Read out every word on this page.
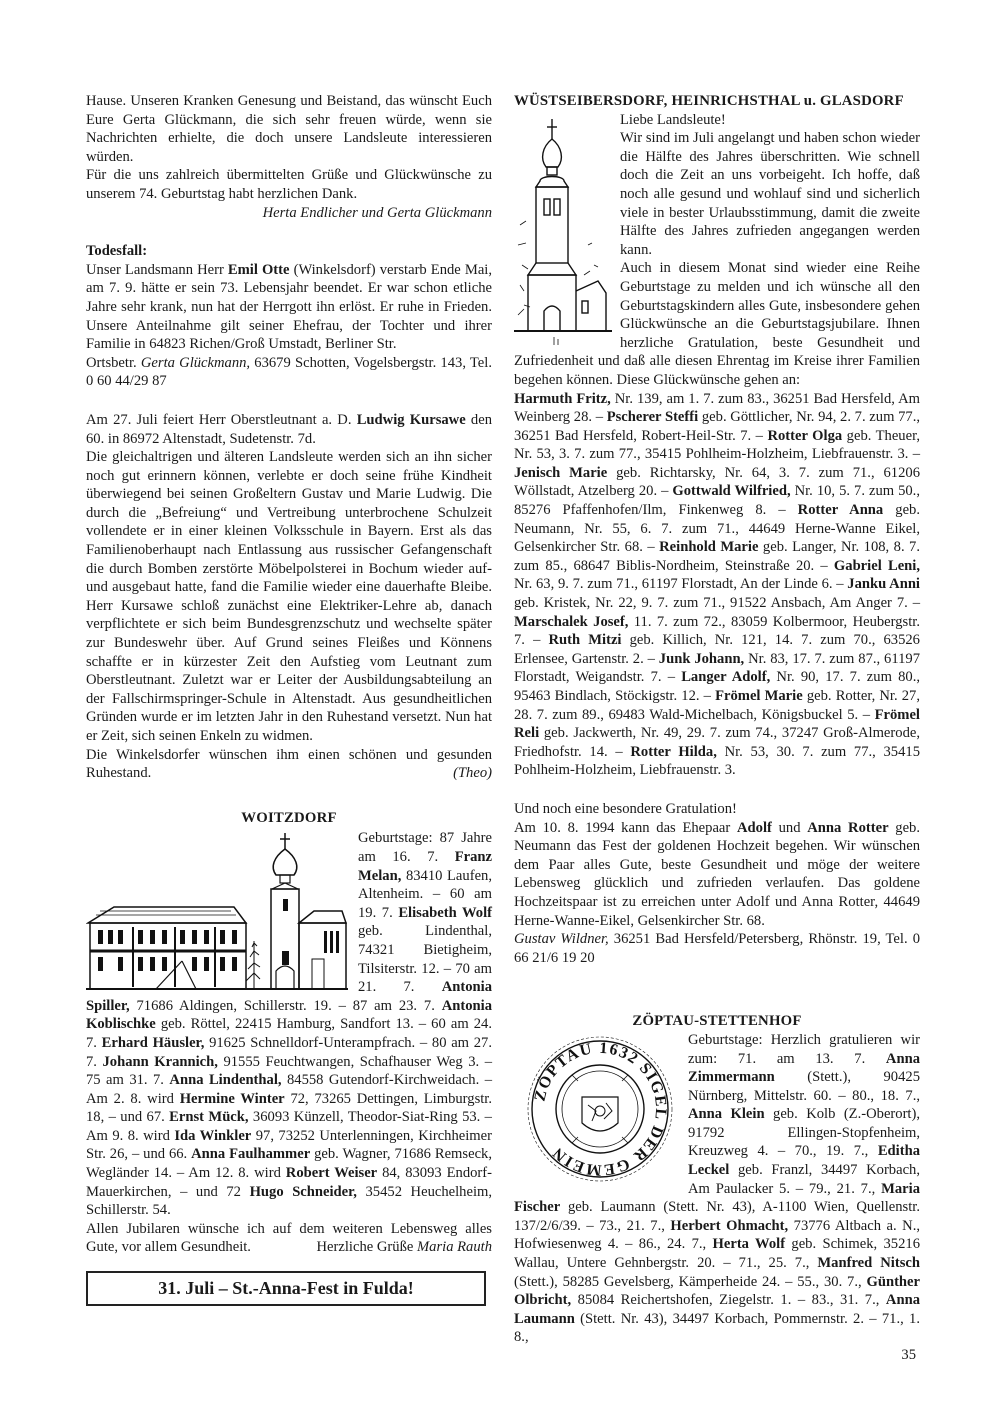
Hause. Unseren Kranken Genesung und Beistand, das wünscht Euch Eure Gerta Glückmann, die sich sehr freuen würde, wenn sie Nachrichten erhielte, die doch unsere Landsleute interessieren würden.

Für die uns zahlreich übermittelten Grüße und Glückwünsche zu unserem 74. Geburtstag habt herzlichen Dank.

Herta Endlicher und Gerta Glückmann

Todesfall:

Unser Landsmann Herr Emil Otte (Winkelsdorf) verstarb Ende Mai, am 7. 9. hätte er sein 73. Lebensjahr beendet. Er war schon etliche Jahre sehr krank, nun hat der Herrgott ihn erlöst. Er ruhe in Frieden. Unsere Anteilnahme gilt seiner Ehefrau, der Tochter und ihrer Familie in 64823 Richen/Groß Umstadt, Berliner Str.

Ortsbetr. Gerta Glückmann, 63679 Schotten, Vogelsbergstr. 143, Tel. 0 60 44/29 87

Am 27. Juli feiert Herr Oberstleutnant a. D. Ludwig Kursawe den 60. in 86972 Altenstadt, Sudetenstr. 7d.

Die gleichaltrigen und älteren Landsleute werden sich an ihn sicher noch gut erinnern können, verlebte er doch seine frühe Kindheit überwiegend bei seinen Großeltern Gustav und Marie Ludwig. Die durch die „Befreiung“ und Vertreibung unterbrochene Schulzeit vollendete er in einer kleinen Volksschule in Bayern. Erst als das Familienoberhaupt nach Entlassung aus russischer Gefangenschaft die durch Bomben zerstörte Möbelpolsterei in Bochum wieder auf- und ausgebaut hatte, fand die Familie wieder eine dauerhafte Bleibe. Herr Kursawe schloß zunächst eine Elektriker-Lehre ab, danach verpflichtete er sich beim Bundesgrenzschutz und wechselte später zur Bundeswehr über. Auf Grund seines Fleißes und Könnens schaffte er in kürzester Zeit den Aufstieg vom Leutnant zum Oberstleutnant. Zuletzt war er Leiter der Ausbildungsabteilung an der Fallschirmspringer-Schule in Altenstadt. Aus gesundheitlichen Gründen wurde er im letzten Jahr in den Ruhestand versetzt. Nun hat er Zeit, sich seinen Enkeln zu widmen.

Die Winkelsdorfer wünschen ihm einen schönen und gesunden Ruhestand.	(Theo)

WOITZDORF

Geburtstage: 87 Jahre am 16. 7. Franz Melan, 83410 Laufen, Altenheim. – 60 am 19. 7. Elisabeth Wolf geb. Lindenthal, 74321 Bietigheim, Tilsiterstr. 12. – 70 am 21. 7. Antonia Spiller, 71686 Aldingen, Schillerstr. 19. – 87 am 23. 7. Antonia Koblischke geb. Röttel, 22415 Hamburg, Sandfort 13. – 60 am 24. 7. Erhard Häusler, 91625 Schnelldorf-Unterampfrach. – 80 am 27. 7. Johann Krannich, 91555 Feuchtwangen, Schafhauser Weg 3. – 75 am 31. 7. Anna Lindenthal, 84558 Gutendorf-Kirchweidach. – Am 2. 8. wird Hermine Winter 72, 73265 Dettingen, Limburgstr. 18, – und 67. Ernst Mück, 36093 Künzell, Theodor-Siat-Ring 53. – Am 9. 8. wird Ida Winkler 97, 73252 Unterlenningen, Kirchheimer Str. 26, – und 66. Anna Faulhammer geb. Wagner, 71686 Remseck, Wegländer 14. – Am 12. 8. wird Robert Weiser 84, 83093 Endorf-Mauerkirchen, – und 72 Hugo Schneider, 35452 Heuchelheim, Schillerstr. 54.

Allen Jubilaren wünsche ich auf dem weiteren Lebensweg alles Gute, vor allem Gesundheit.	Herzliche Grüße Maria Rauth

31. Juli – St.-Anna-Fest in Fulda!

WÜSTSEIBERSDORF, HEINRICHSTHAL u. GLASDORF

Liebe Landsleute!

Wir sind im Juli angelangt und haben schon wieder die Hälfte des Jahres überschritten. Wie schnell doch die Zeit an uns vorbeigeht. Ich hoffe, daß noch alle gesund und wohlauf sind und sicherlich viele in bester Urlaubsstimmung, damit die zweite Hälfte des Jahres zufrieden angegangen werden kann.

Auch in diesem Monat sind wieder eine Reihe Geburtstage zu melden und ich wünsche all den Geburtstagskindern alles Gute, insbesondere gehen Glückwünsche an die Geburtstagsjubilare. Ihnen herzliche Gratulation, beste Gesundheit und Zufriedenheit und daß alle diesen Ehrentag im Kreise ihrer Familien begehen können. Diese Glückwünsche gehen an:

Harmuth Fritz, Nr. 139, am 1. 7. zum 83., 36251 Bad Hersfeld, Am Weinberg 28. – Pscherer Steffi geb. Göttlicher, Nr. 94, 2. 7. zum 77., 36251 Bad Hersfeld, Robert-Heil-Str. 7. – Rotter Olga geb. Theuer, Nr. 53, 3. 7. zum 77., 35415 Pohlheim-Holzheim, Liebfrauenstr. 3. – Jenisch Marie geb. Richtarsky, Nr. 64, 3. 7. zum 71., 61206 Wöllstadt, Atzelberg 20. – Gottwald Wilfried, Nr. 10, 5. 7. zum 50., 85276 Pfaffenhofen/Ilm, Finkenweg 8. – Rotter Anna geb. Neumann, Nr. 55, 6. 7. zum 71., 44649 Herne-Wanne Eikel, Gelsenkircher Str. 68. – Reinhold Marie geb. Langer, Nr. 108, 8. 7. zum 85., 68647 Biblis-Nordheim, Steinstraße 20. – Gabriel Leni, Nr. 63, 9. 7. zum 71., 61197 Florstadt, An der Linde 6. – Janku Anni geb. Kristek, Nr. 22, 9. 7. zum 71., 91522 Ansbach, Am Anger 7. – Marschalek Josef, 11. 7. zum 72., 83059 Kolbermoor, Heubergstr. 7. – Ruth Mitzi geb. Killich, Nr. 121, 14. 7. zum 70., 63526 Erlensee, Gartenstr. 2. – Junk Johann, Nr. 83, 17. 7. zum 87., 61197 Florstadt, Weigandstr. 7. – Langer Adolf, Nr. 90, 17. 7. zum 80., 95463 Bindlach, Stöckigstr. 12. – Frömel Marie geb. Rotter, Nr. 27, 28. 7. zum 89., 69483 Wald-Michelbach, Königsbuckel 5. – Frömel Reli geb. Jackwerth, Nr. 49, 29. 7. zum 74., 37247 Groß-Almerode, Friedhofstr. 14. – Rotter Hilda, Nr. 53, 30. 7. zum 77., 35415 Pohlheim-Holzheim, Liebfrauenstr. 3.

Und noch eine besondere Gratulation!

Am 10. 8. 1994 kann das Ehepaar Adolf und Anna Rotter geb. Neumann das Fest der goldenen Hochzeit begehen. Wir wünschen dem Paar alles Gute, beste Gesundheit und möge der weitere Lebensweg glücklich und zufrieden verlaufen. Das goldene Hochzeitspaar ist zu erreichen unter Adolf und Anna Rotter, 44649 Herne-Wanne-Eikel, Gelsenkircher Str. 68.

Gustav Wildner, 36251 Bad Hersfeld/Petersberg, Rhönstr. 19, Tel. 0 66 21/6 19 20

ZÖPTAU-STETTENHOF

ZÖPTAU 1632 SIGEL DER GEMEIN

Geburtstage: Herzlich gratulieren wir zum: 71. am 13. 7. Anna Zimmermann (Stett.), 90425 Nürnberg, Mittelstr. 60. – 80., 18. 7., Anna Klein geb. Kolb (Z.-Oberort), 91792 Ellingen-Stopfenheim, Kreuzweg 4. – 70., 19. 7., Editha Leckel geb. Franzl, 34497 Korbach, Am Paulacker 5. – 79., 21. 7., Maria Fischer geb. Laumann (Stett. Nr. 43), A-1100 Wien, Quellenstr. 137/2/6/39. – 73., 21. 7., Herbert Ohmacht, 73776 Altbach a. N., Hofwiesenweg 4. – 86., 24. 7., Herta Wolf geb. Schimek, 35216 Wallau, Untere Gehnbergstr. 20. – 71., 25. 7., Manfred Nitsch (Stett.), 58285 Gevelsberg, Kämperheide 24. – 55., 30. 7., Günther Olbricht, 85084 Reichertshofen, Ziegelstr. 1. – 83., 31. 7., Anna Laumann (Stett. Nr. 43), 34497 Korbach, Pommernstr. 2. – 71., 1. 8.,

35
